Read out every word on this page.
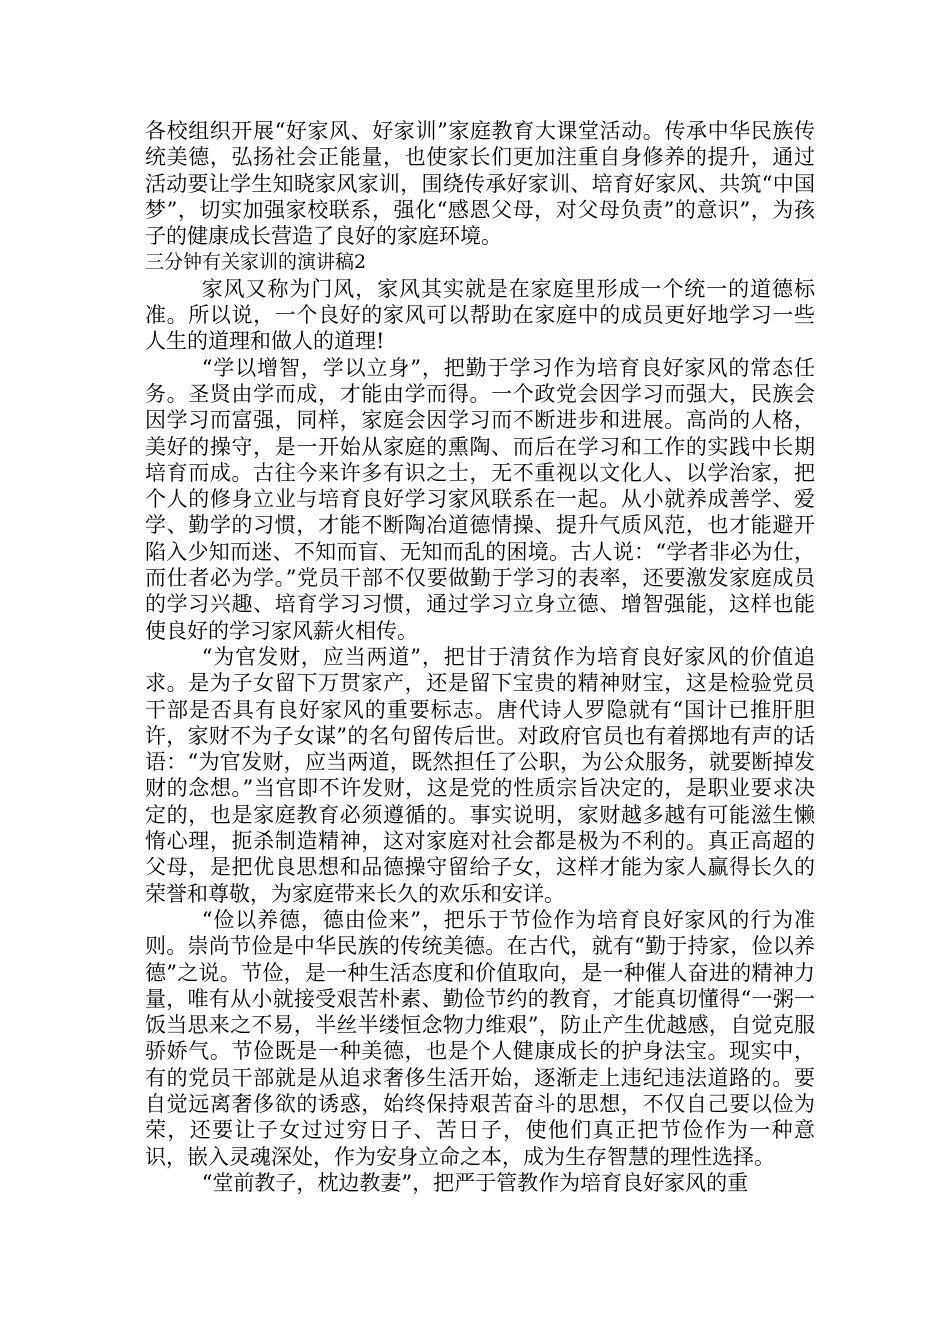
各校组织开展“好家风、好家训”家庭教育大课堂活动。传承中华民族传统美德，弘扬社会正能量，也使家长们更加注重自身修养的提升，通过活动要让学生知晓家风家训，围绕传承好家训、培育好家风、共筑“中国梦”，切实加强家校联系，强化“感恩父母，对父母负责”的意识”，为孩子的健康成长营造了良好的家庭环境。

三分钟有关家训的演讲稿2

家风又称为门风，家风其实就是在家庭里形成一个统一的道德标准。所以说，一个良好的家风可以帮助在家庭中的成员更好地学习一些人生的道理和做人的道理!

“学以增智，学以立身”，把勤于学习作为培育良好家风的常态任务。圣贤由学而成，才能由学而得。一个政党会因学习而强大，民族会因学习而富强，同样，家庭会因学习而不断进步和进展。高尚的人格，美好的操守，是一开始从家庭的熏陶、而后在学习和工作的实践中长期培育而成。古往今来许多有识之士，无不重视以文化人、以学治家，把个人的修身立业与培育良好学习家风联系在一起。从小就养成善学、爱学、勤学的习惯，才能不断陶冶道德情操、提升气质风范，也才能避开陷入少知而迷、不知而盲、无知而乱的困境。古人说：“学者非必为仕，而仕者必为学。”党员干部不仅要做勤于学习的表率，还要激发家庭成员的学习兴趣、培育学习习惯，通过学习立身立德、增智强能，这样也能使良好的学习家风薪火相传。

“为官发财，应当两道”，把甘于清贫作为培育良好家风的价值追求。是为子女留下万贯家产，还是留下宝贵的精神财宝，这是检验党员干部是否具有良好家风的重要标志。唐代诗人罗隐就有“国计已推肝胆许，家财不为子女谋”的名句留传后世。对政府官员也有着掷地有声的话语：“为官发财，应当两道，既然担任了公职，为公众服务，就要断掉发财的念想。”当官即不许发财，这是党的性质宗旨决定的，是职业要求决定的，也是家庭教育必须遵循的。事实说明，家财越多越有可能滋生懒惰心理，扼杀制造精神，这对家庭对社会都是极为不利的。真正高超的父母，是把优良思想和品德操守留给子女，这样才能为家人赢得长久的荣誉和尊敬，为家庭带来长久的欢乐和安详。

“俭以养德，德由俭来”，把乐于节俭作为培育良好家风的行为准则。崇尚节俭是中华民族的传统美德。在古代，就有“勤于持家，俭以养德”之说。节俭，是一种生活态度和价值取向，是一种催人奋进的精神力量，唯有从小就接受艰苦朴素、勤俭节约的教育，才能真切懂得“一粥一饭当思来之不易，半丝半缕恒念物力维艰”，防止产生优越感，自觉克服骄娇气。节俭既是一种美德，也是个人健康成长的护身法宝。现实中，有的党员干部就是从追求奢侈生活开始，逐渐走上违纪违法道路的。要自觉远离奢侈欲的诱惑，始终保持艰苦奋斗的思想，不仅自己要以俭为荣，还要让子女过过穷日子、苦日子，使他们真正把节俭作为一种意识，嵌入灵魂深处，作为安身立命之本，成为生存智慧的理性选择。

“堂前教子，枕边教妻”，把严于管教作为培育良好家风的重
